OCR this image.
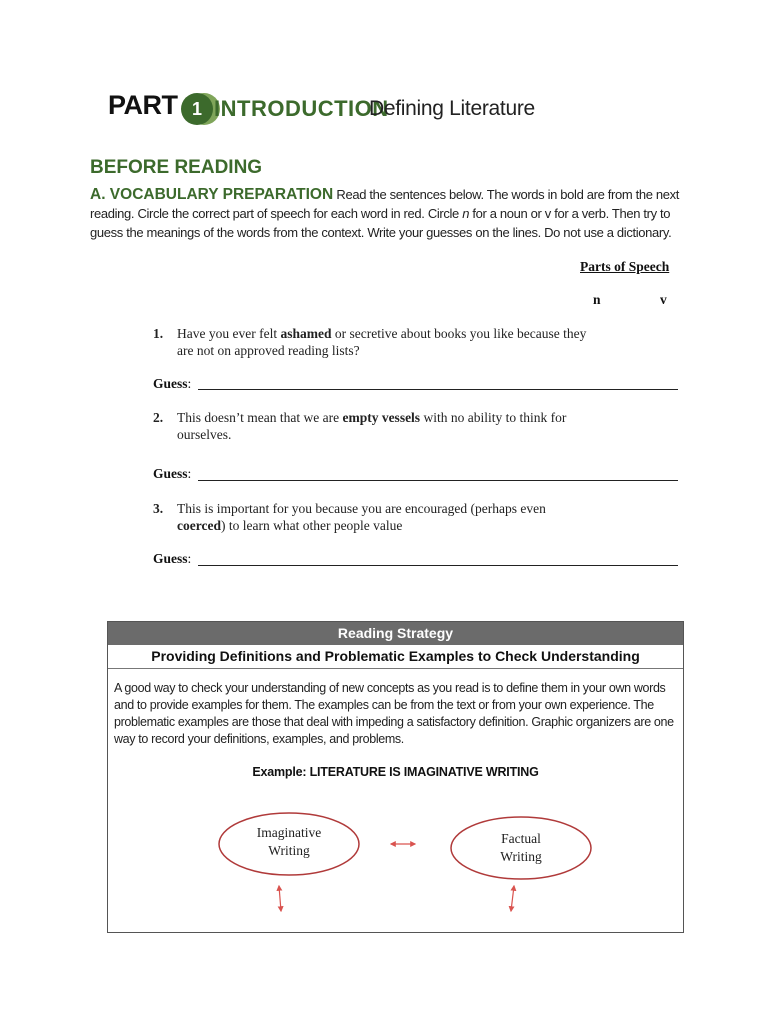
PART 1 INTRODUCTION
Defining Literature
BEFORE READING
A. VOCABULARY PREPARATION Read the sentences below. The words in bold are from the next reading. Circle the correct part of speech for each word in red. Circle n for a noun or v for a verb. Then try to guess the meanings of the words from the context. Write your guesses on the lines. Do not use a dictionary.
Parts of Speech
n	v
1. Have you ever felt ashamed or secretive about books you like because they are not on approved reading lists?
Guess:
2. This doesn’t mean that we are empty vessels with no ability to think for ourselves.
Guess:
3. This is important for you because you are encouraged (perhaps even coerced) to learn what other people value
Guess:
Reading Strategy
Providing Definitions and Problematic Examples to Check Understanding
A good way to check your understanding of new concepts as you read is to define them in your own words and to provide examples for them. The examples can be from the text or from your own experience. The problematic examples are those that deal with impeding a satisfactory definition. Graphic organizers are one way to record your definitions, examples, and problems.
Example: LITERATURE IS IMAGINATIVE WRITING
Imaginative
Writing
Factual
Writing
